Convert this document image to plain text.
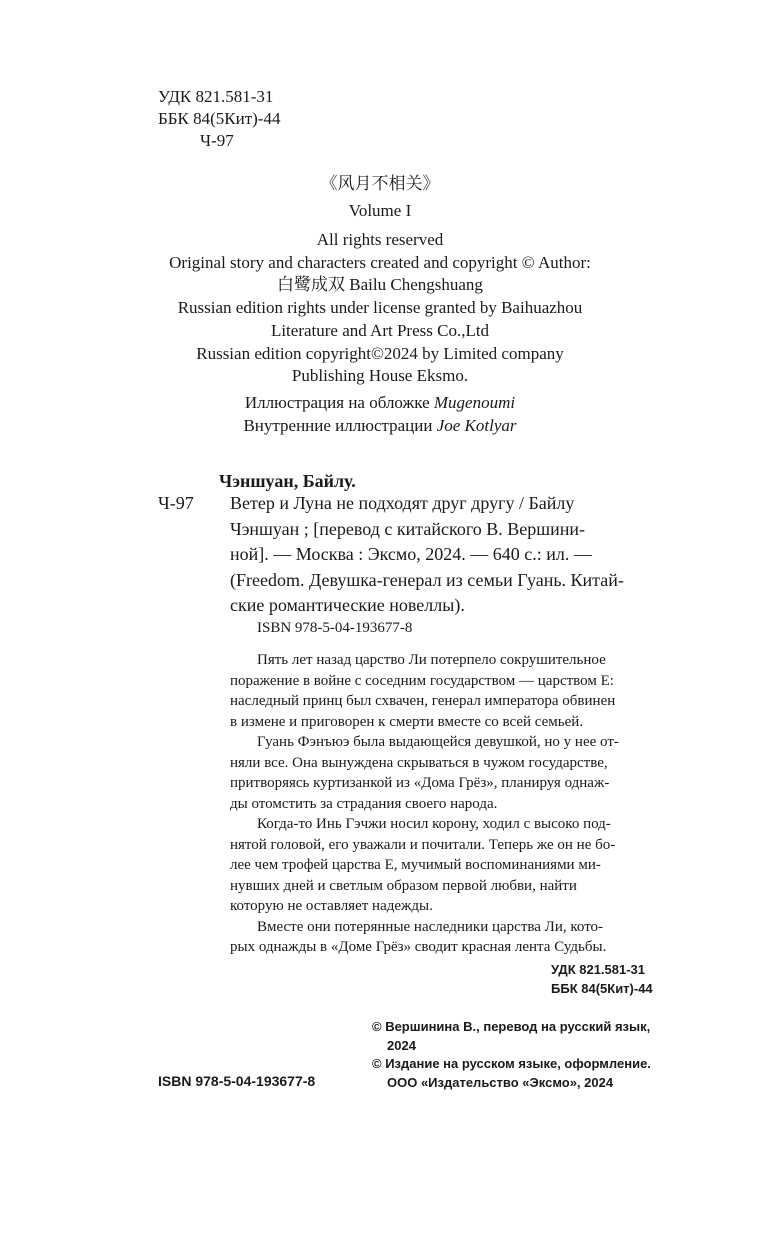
УДК 821.581-31
ББК 84(5Кит)-44
Ч-97
《风月不相关》
Volume I
All rights reserved
Original story and characters created and copyright © Author:
白鹭成双 Bailu Chengshuang
Russian edition rights under license granted by Baihuazhou
Literature and Art Press Co.,Ltd
Russian edition copyright©2024 by Limited company
Publishing House Eksmo.
Иллюстрация на обложке Mugenoumi
Внутренние иллюстрации Joe Kotlyar
Чэншуан, Байлу.
Ч-97 Ветер и Луна не подходят друг другу / Байлу
Чэншуан ; [перевод с китайского В. Вершини-
ной]. — Москва : Эксмо, 2024. — 640 с.: ил. —
(Freedom. Девушка-генерал из семьи Гуань. Китай-
ские романтические новеллы).
ISBN 978-5-04-193677-8
Пять лет назад царство Ли потерпело сокрушительное
поражение в войне с соседним государством — царством Е:
наследный принц был схвачен, генерал императора обвинен
в измене и приговорен к смерти вместе со всей семьей.
Гуань Фэнъюэ была выдающейся девушкой, но у нее от-
няли все. Она вынуждена скрываться в чужом государстве,
притворяясь куртизанкой из «Дома Грёз», планируя однаж-
ды отомстить за страдания своего народа.
Когда-то Инь Гэчжи носил корону, ходил с высоко под-
нятой головой, его уважали и почитали. Теперь же он не бо-
лее чем трофей царства Е, мучимый воспоминаниями ми-
нувших дней и светлым образом первой любви, найти
которую не оставляет надежды.
Вместе они потерянные наследники царства Ли, кото-
рых однажды в «Доме Грёз» сводит красная лента Судьбы.
УДК 821.581-31
ББК 84(5Кит)-44
© Вершинина В., перевод на русский язык,
2024
© Издание на русском языке, оформление.
ООО «Издательство «Эксмо», 2024
ISBN 978-5-04-193677-8
